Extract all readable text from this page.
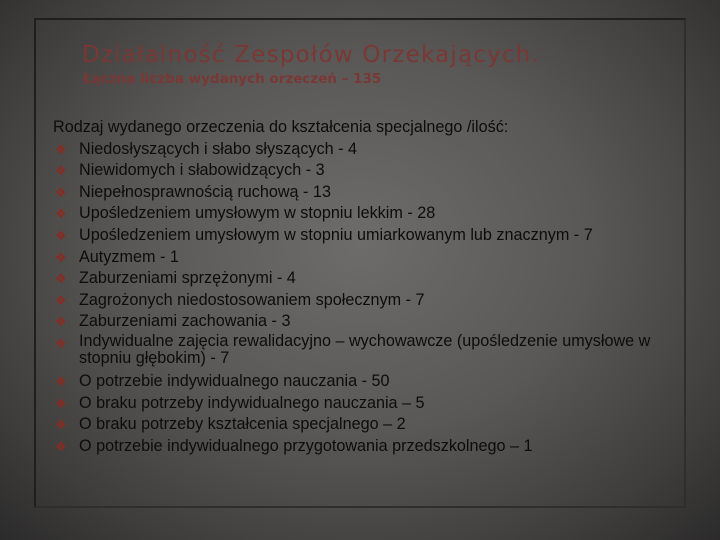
Działalność Zespołów Orzekających.
Łączna liczba wydanych orzeczeń – 135
Rodzaj wydanego orzeczenia do kształcenia specjalnego /ilość:
❖ Niedosłyszących i słabo słyszących - 4
❖ Niewidomych i słabowidzących - 3
❖ Niepełnosprawnością ruchową - 13
❖ Upośledzeniem umysłowym w stopniu lekkim - 28
❖ Upośledzeniem umysłowym w stopniu umiarkowanym lub znacznym - 7
❖ Autyzmem - 1
❖ Zaburzeniami sprzężonymi - 4
❖ Zagrożonych niedostosowaniem społecznym - 7
❖ Zaburzeniami zachowania - 3
❖ Indywidualne zajęcia rewalidacyjno – wychowawcze (upośledzenie umysłowe w stopniu głębokim) - 7
❖ O potrzebie indywidualnego nauczania - 50
❖ O braku potrzeby indywidualnego nauczania – 5
❖ O braku potrzeby kształcenia specjalnego – 2
❖ O potrzebie indywidualnego przygotowania przedszkolnego – 1
